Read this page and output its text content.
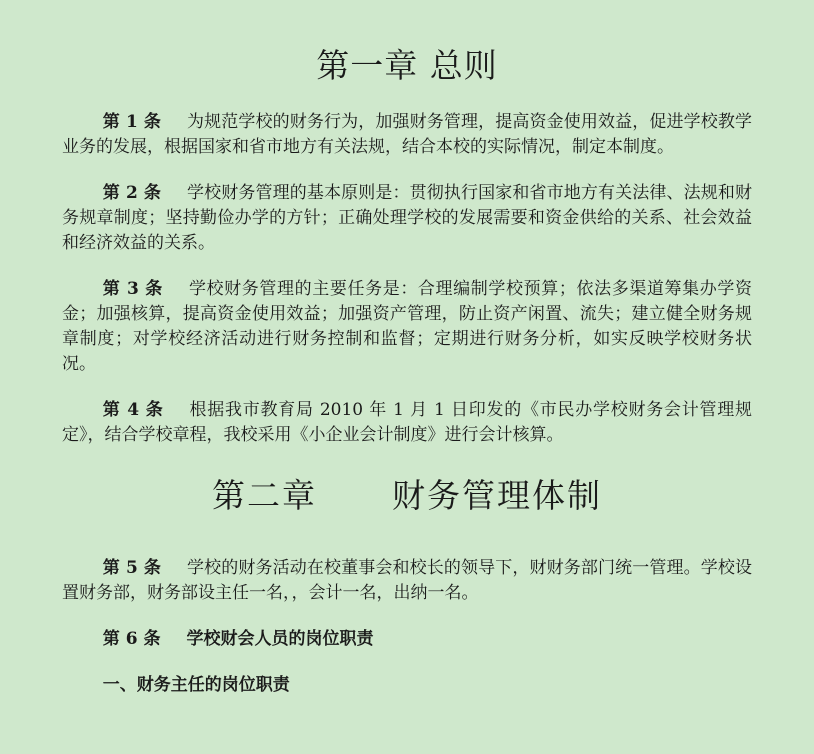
第一章 总则

第 1 条 为规范学校的财务行为，加强财务管理，提高资金使用效益，促进学校教学业务的发展，根据国家和省市地方有关法规，结合本校的实际情况，制定本制度。

第 2 条 学校财务管理的基本原则是：贯彻执行国家和省市地方有关法律、法规和财务规章制度；坚持勤俭办学的方针；正确处理学校的发展需要和资金供给的关系、社会效益和经济效益的关系。

第 3 条 学校财务管理的主要任务是：合理编制学校预算；依法多渠道筹集办学资金；加强核算，提高资金使用效益；加强资产管理，防止资产闲置、流失；建立健全财务规章制度；对学校经济活动进行财务控制和监督；定期进行财务分析，如实反映学校财务状况。

第 4 条 根据我市教育局 2010 年 1 月 1 日印发的《市民办学校财务会计管理规定》，结合学校章程，我校采用《小企业会计制度》进行会计核算。

第二章      财务管理体制

第 5 条 学校的财务活动在校董事会和校长的领导下，财财务部门统一管理。学校设置财务部，财务部设主任一名，，会计一名，出纳一名。

第 6 条 学校财会人员的岗位职责

一、财务主任的岗位职责
